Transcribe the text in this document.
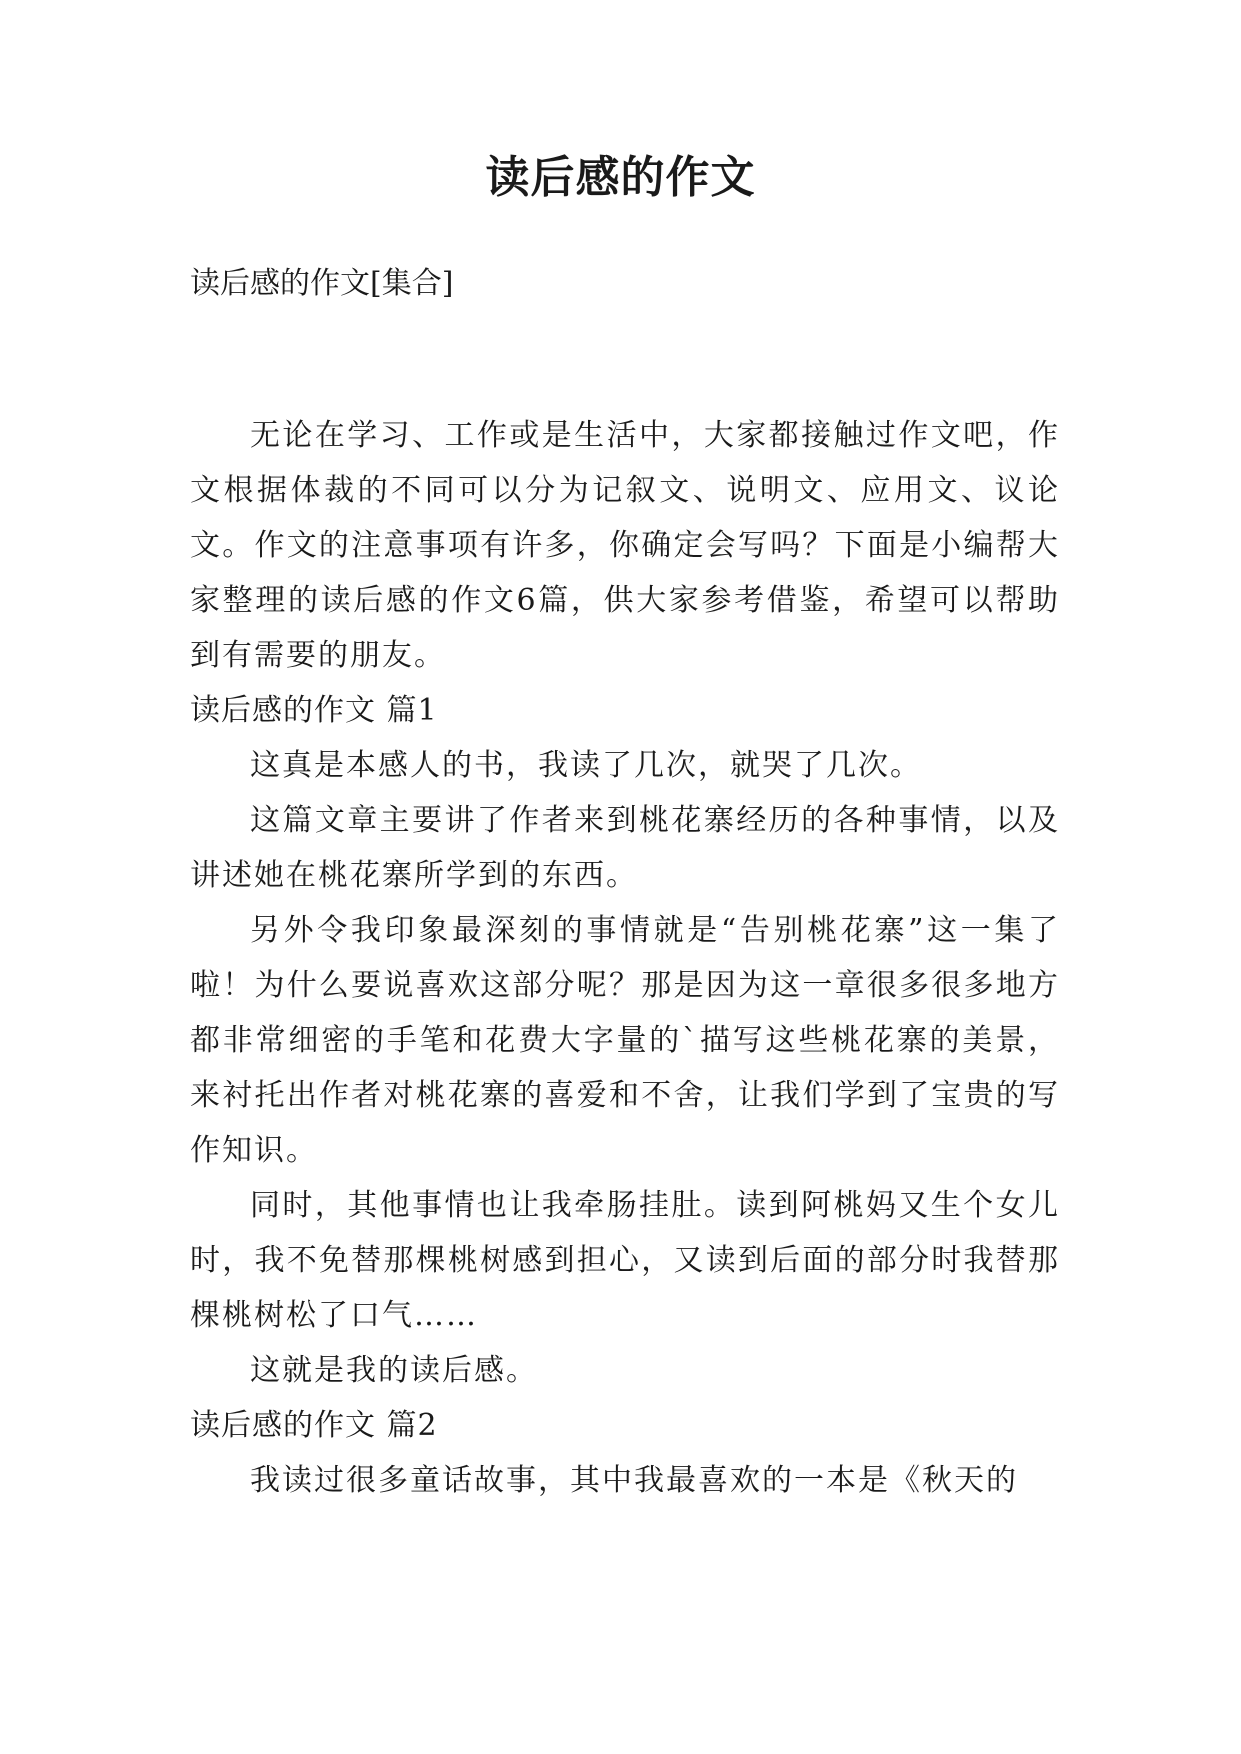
读后感的作文

读后感的作文[集合]

无论在学习、工作或是生活中，大家都接触过作文吧，作文根据体裁的不同可以分为记叙文、说明文、应用文、议论文。作文的注意事项有许多，你确定会写吗？下面是小编帮大家整理的读后感的作文6篇，供大家参考借鉴，希望可以帮助到有需要的朋友。

读后感的作文 篇1

这真是本感人的书，我读了几次，就哭了几次。

这篇文章主要讲了作者来到桃花寨经历的各种事情，以及讲述她在桃花寨所学到的东西。

另外令我印象最深刻的事情就是“告别桃花寨”这一集了啦！为什么要说喜欢这部分呢？那是因为这一章很多很多地方都非常细密的手笔和花费大字量的`描写这些桃花寨的美景，来衬托出作者对桃花寨的喜爱和不舍，让我们学到了宝贵的写作知识。

同时，其他事情也让我牵肠挂肚。读到阿桃妈又生个女儿时，我不免替那棵桃树感到担心，又读到后面的部分时我替那棵桃树松了口气……

这就是我的读后感。

读后感的作文 篇2

我读过很多童话故事，其中我最喜欢的一本是《秋天的
